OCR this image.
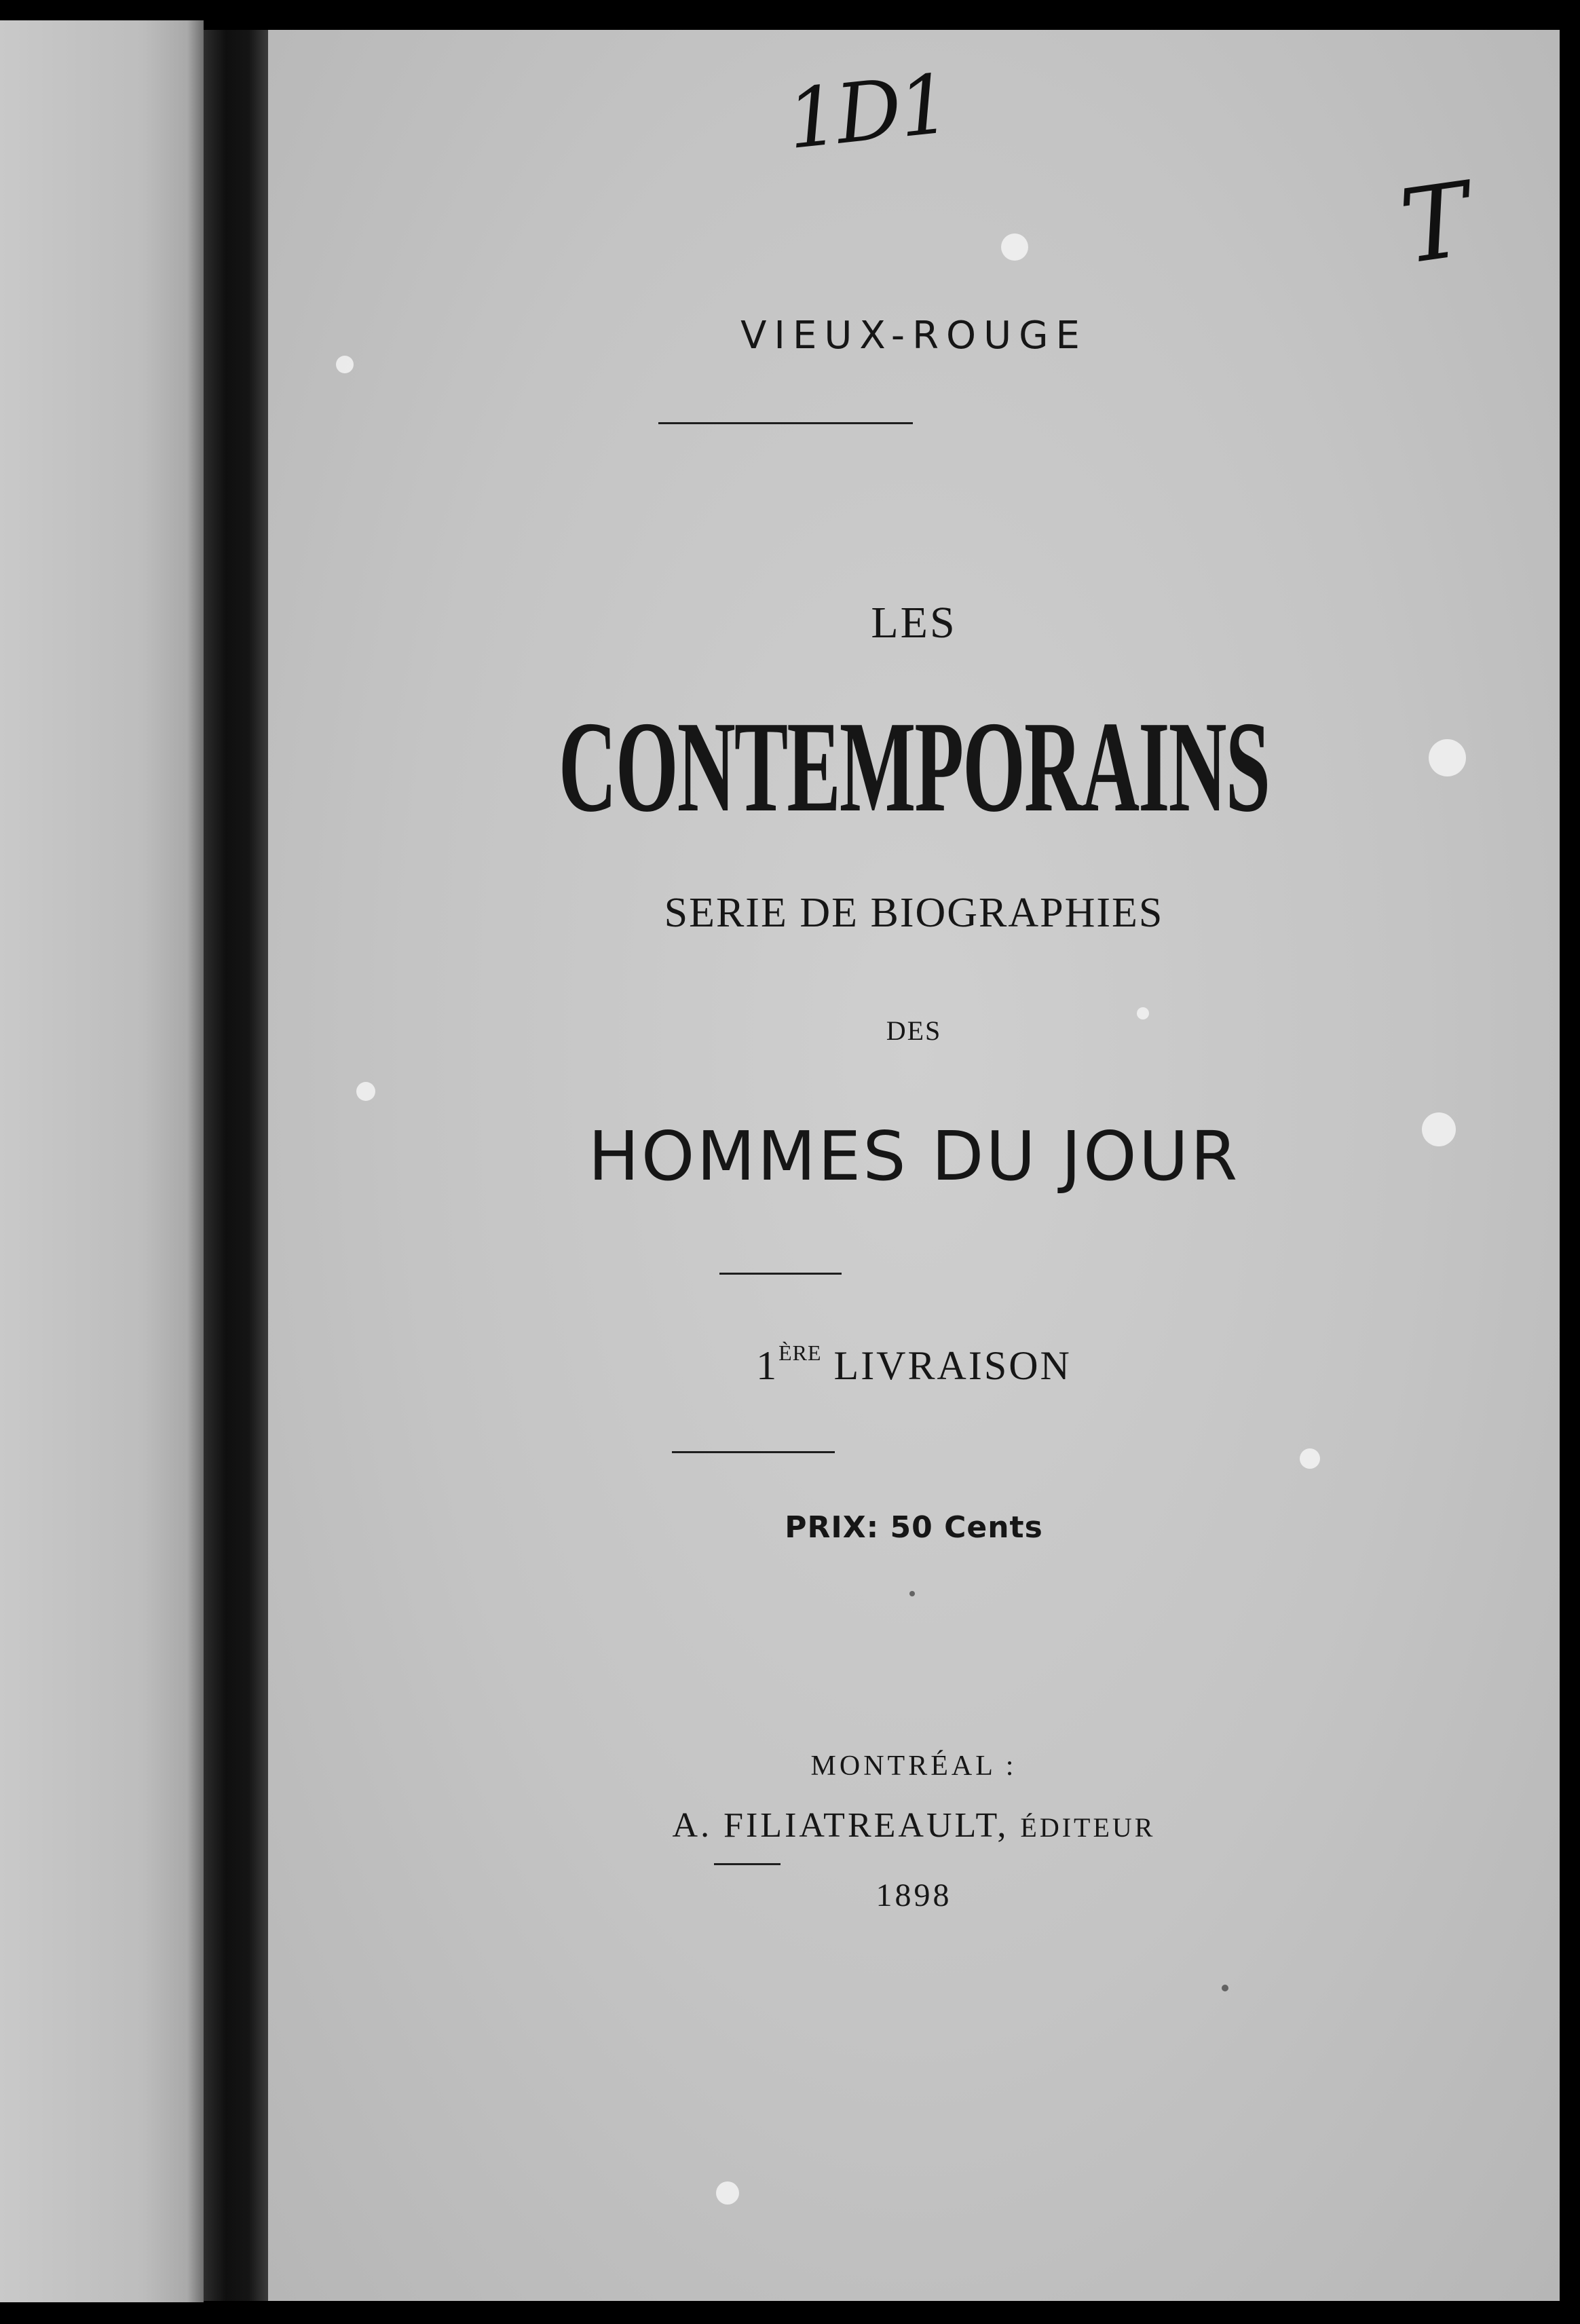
1D1
T
VIEUX-ROUGE
LES
CONTEMPORAINS
SERIE DE BIOGRAPHIES
DES
HOMMES DU JOUR
1ÈRE LIVRAISON
PRIX: 50 Cents
MONTRÉAL :
A. FILIATREAULT, ÉDITEUR
1898
